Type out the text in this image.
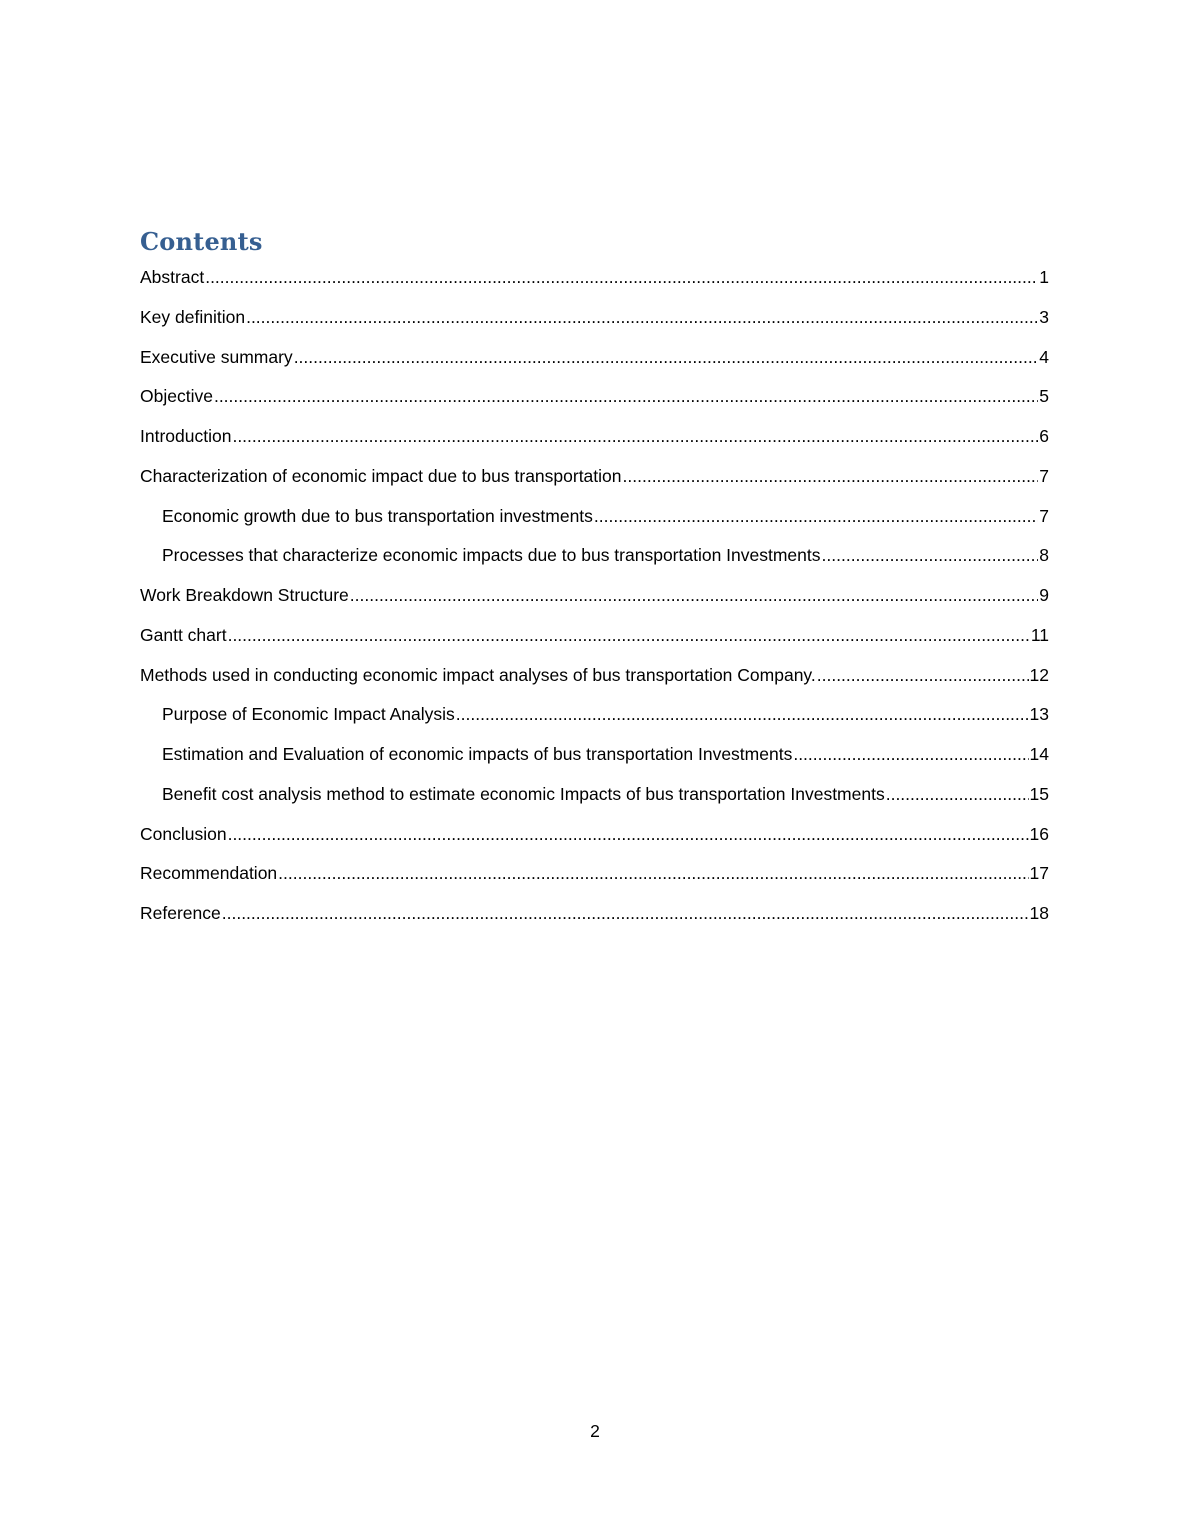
Contents
Abstract .....	1
Key definition .....	3
Executive summary .....	4
Objective .....	5
Introduction .....	6
Characterization of economic impact due to bus transportation .....	7
Economic growth due to bus transportation investments .....	7
Processes that characterize economic impacts due to bus transportation Investments .....	8
Work Breakdown Structure .....	9
Gantt chart .....	11
Methods used in conducting economic impact analyses of bus transportation Company. .....	12
Purpose of Economic Impact Analysis .....	13
Estimation and Evaluation of economic impacts of bus transportation Investments .....	14
Benefit cost analysis method to estimate economic Impacts of bus transportation Investments .....	15
Conclusion .....	16
Recommendation .....	17
Reference .....	18
2
